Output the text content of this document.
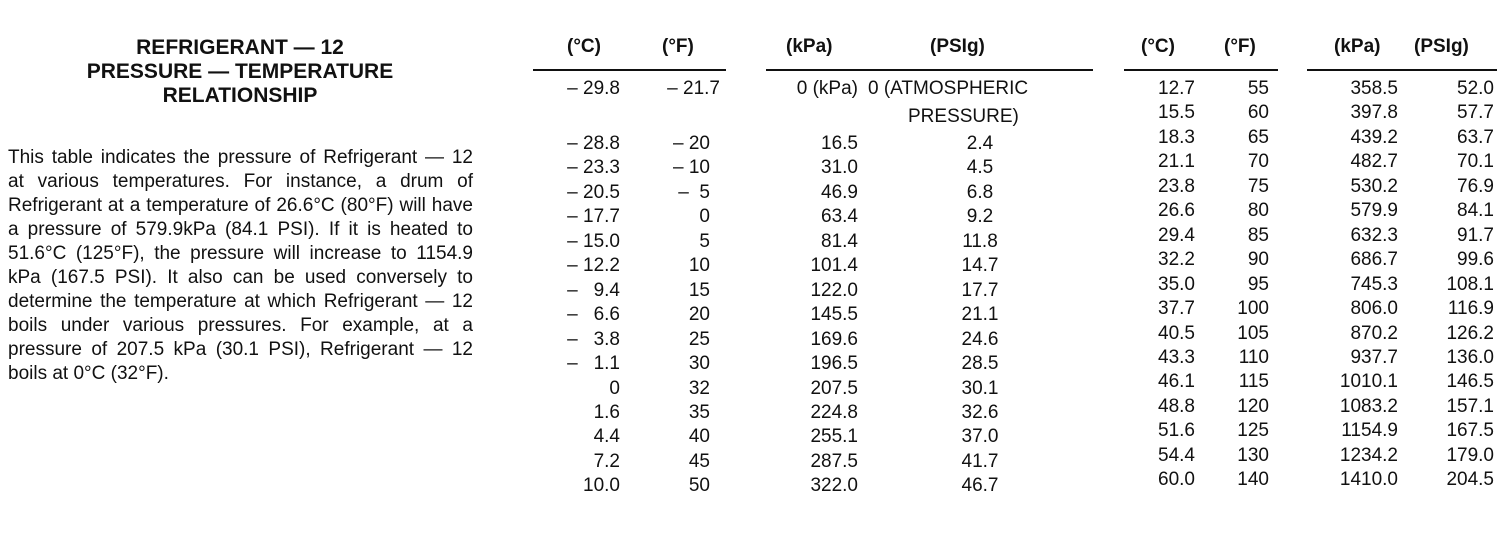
REFRIGERANT — 12
PRESSURE — TEMPERATURE
RELATIONSHIP
This table indicates the pressure of Refrigerant — 12 at various temperatures. For instance, a drum of Refrigerant at a temperature of 26.6°C (80°F) will have a pressure of 579.9kPa (84.1 PSI). If it is heated to 51.6°C (125°F), the pressure will increase to 1154.9 kPa (167.5 PSI). It also can be used conversely to determine the temperature at which Refrigerant — 12 boils under various pressures. For example, at a pressure of 207.5 kPa (30.1 PSI), Refrigerant — 12 boils at 0°C (32°F).
(°C)	(°F)	(kPa)	(PSIg)	(°C)	(°F)	(kPa) (PSIg)
– 29.8	– 21.7	0 (kPa) 0 (ATMOSPHERIC
PRESSURE)
– 28.8	– 20	16.5	2.4
– 23.3	– 10	31.0	4.5
– 20.5	–  5	46.9	6.8
– 17.7	0	63.4	9.2
– 15.0	5	81.4	11.8
– 12.2	10	101.4	14.7
–   9.4	15	122.0	17.7
–   6.6	20	145.5	21.1
–   3.8	25	169.6	24.6
–   1.1	30	196.5	28.5
0	32	207.5	30.1
1.6	35	224.8	32.6
4.4	40	255.1	37.0
7.2	45	287.5	41.7
10.0	50	322.0	46.7
12.7	55	358.5	52.0
15.5	60	397.8	57.7
18.3	65	439.2	63.7
21.1	70	482.7	70.1
23.8	75	530.2	76.9
26.6	80	579.9	84.1
29.4	85	632.3	91.7
32.2	90	686.7	99.6
35.0	95	745.3	108.1
37.7	100	806.0	116.9
40.5	105	870.2	126.2
43.3	110	937.7	136.0
46.1	115	1010.1	146.5
48.8	120	1083.2	157.1
51.6	125	1154.9	167.5
54.4	130	1234.2	179.0
60.0	140	1410.0	204.5
